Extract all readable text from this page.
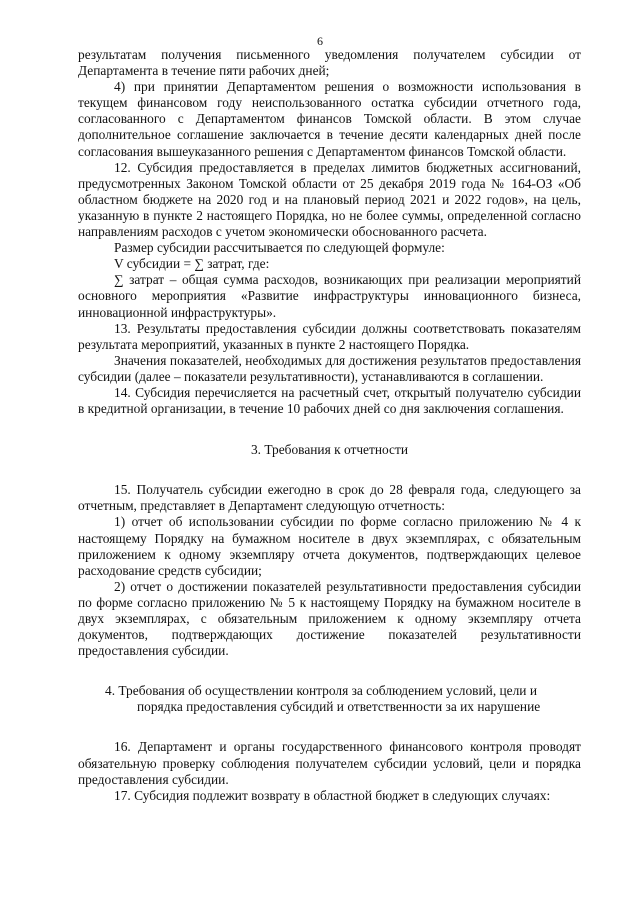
6

результатам получения письменного уведомления получателем субсидии от Департамента в течение пяти рабочих дней;

4) при принятии Департаментом решения о возможности использования в текущем финансовом году неиспользованного остатка субсидии отчетного года, согласованного с Департаментом финансов Томской области. В этом случае дополнительное соглашение заключается в течение десяти календарных дней после согласования вышеуказанного решения с Департаментом финансов Томской области.

12. Субсидия предоставляется в пределах лимитов бюджетных ассигнований, предусмотренных Законом Томской области от 25 декабря 2019 года № 164-ОЗ «Об областном бюджете на 2020 год и на плановый период 2021 и 2022 годов», на цель, указанную в пункте 2 настоящего Порядка, но не более суммы, определенной согласно направлениям расходов с учетом экономически обоснованного расчета.

Размер субсидии рассчитывается по следующей формуле:

V субсидии = ∑ затрат, где:

∑ затрат – общая сумма расходов, возникающих при реализации мероприятий основного мероприятия «Развитие инфраструктуры инновационного бизнеса, инновационной инфраструктуры».

13. Результаты предоставления субсидии должны соответствовать показателям результата мероприятий, указанных в пункте 2 настоящего Порядка.

Значения показателей, необходимых для достижения результатов предоставления субсидии (далее – показатели результативности), устанавливаются в соглашении.

14. Субсидия перечисляется на расчетный счет, открытый получателю субсидии в кредитной организации, в течение 10 рабочих дней со дня заключения соглашения.

3. Требования к отчетности

15. Получатель субсидии ежегодно в срок до 28 февраля года, следующего за отчетным, представляет в Департамент следующую отчетность:

1) отчет об использовании субсидии по форме согласно приложению № 4 к настоящему Порядку на бумажном носителе в двух экземплярах, с обязательным приложением к одному экземпляру отчета документов, подтверждающих целевое расходование средств субсидии;

2) отчет о достижении показателей результативности предоставления субсидии по форме согласно приложению № 5 к настоящему Порядку на бумажном носителе в двух экземплярах, с обязательным приложением к одному экземпляру отчета документов, подтверждающих достижение показателей результативности предоставления субсидии.

4. Требования об осуществлении контроля за соблюдением условий, цели и
порядка предоставления субсидий и ответственности за их нарушение

16. Департамент и органы государственного финансового контроля проводят обязательную проверку соблюдения получателем субсидии условий, цели и порядка предоставления субсидии.

17. Субсидия подлежит возврату в областной бюджет в следующих случаях:
